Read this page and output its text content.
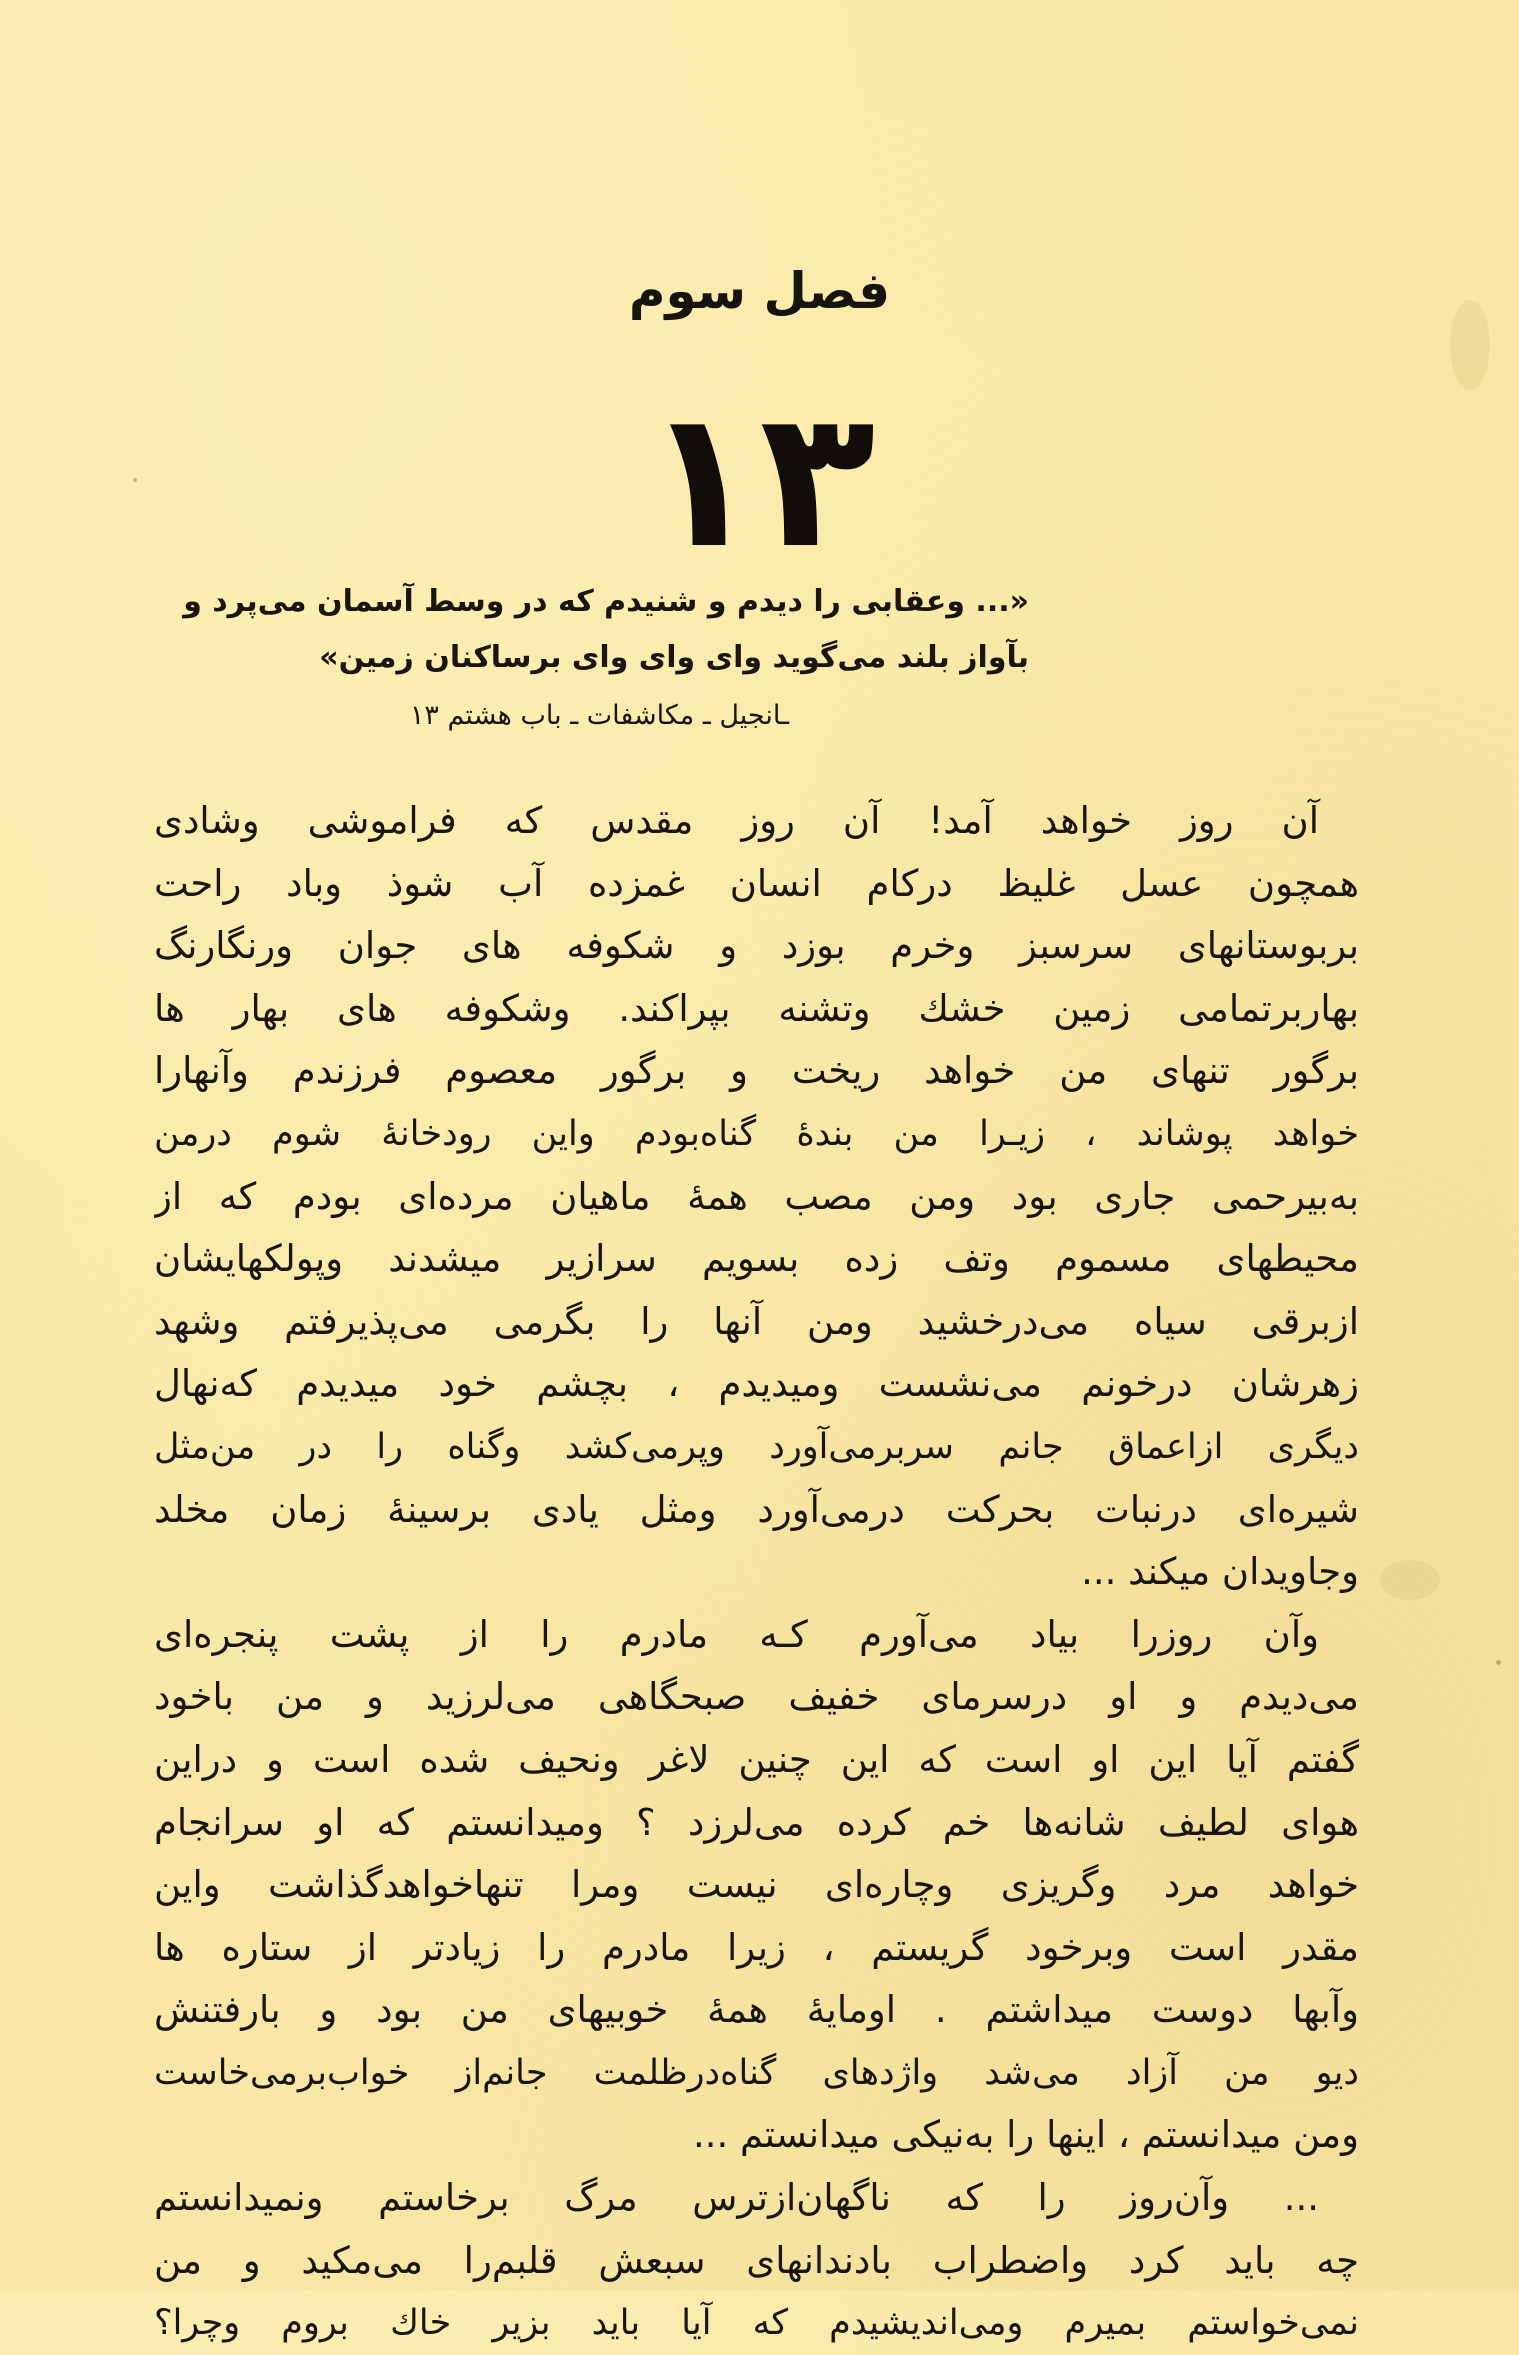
فصل سوم
۱۳
«... وعقابی را دیدم و شنیدم که در وسط آسمان می‌پرد و
بآواز بلند می‌گوید وای وای وای برساکنان زمین»
ـانجیل ـ مکاشفات ـ باب هشتم ۱۳
آن روز خواهد آمد! آن روز مقدس که فراموشی وشادی
همچون عسل غلیظ درکام انسان غمزده آب شوذ وباد راحت
بربوستانهای سرسبز وخرم بوزد و شکوفه های جوان ورنگارنگ
بهاربرتمامی زمین خشك وتشنه بپراکند. وشکوفه های بهار ها
برگور تنهای من خواهد ریخت و برگور معصوم فرزندم وآنهارا
خواهد پوشاند ، زیـرا من بندهٔ گناه‌بودم واین رودخانهٔ شوم درمن
به‌بیرحمی جاری بود ومن مصب همهٔ ماهیان مرده‌ای بودم که از
محیطهای مسموم وتف زده بسویم سرازیر میشدند وپولکهایشان
ازبرقی سیاه می‌درخشید ومن آنها را بگرمی می‌پذیرفتم وشهد
زهرشان درخونم می‌نشست ومیدیدم ، بچشم خود میدیدم که‌نهال
دیگری ازاعماق جانم سربرمی‌آورد وپرمی‌کشد وگناه را در من‌مثل
شیره‌ای درنبات بحرکت درمی‌آورد ومثل یادی برسینهٔ زمان مخلد
وجاویدان میکند ...
وآن روزرا بیاد می‌آورم کـه مادرم را از پشت پنجره‌ای
می‌دیدم و او درسرمای خفیف صبحگاهی می‌لرزید و من باخود
گفتم آیا این او است که این چنین لاغر ونحیف شده است و دراین
هوای لطیف شانه‌ها خم کرده می‌لرزد ؟ ومیدانستم که او سرانجام
خواهد مرد وگریزی وچاره‌ای نیست ومرا تنهاخواهدگذاشت واین
مقدر است وبرخود گریستم ، زیرا مادرم را زیادتر از ستاره ها
وآبها دوست میداشتم . اومایهٔ همهٔ خوبیهای من بود و بارفتنش
دیو من آزاد می‌شد واژدهای گناه‌درظلمت جانم‌از خواب‌برمی‌خاست
ومن میدانستم ، اینها را به‌نیکی میدانستم ...
... وآن‌روز را که ناگهان‌ازترس مرگ برخاستم ونمیدانستم
چه باید کرد واضطراب بادندانهای سبعش قلبم‌را می‌مکید و من
نمی‌خواستم بمیرم ومی‌اندیشیدم که آیا باید بزیر خاك بروم وچرا؟
